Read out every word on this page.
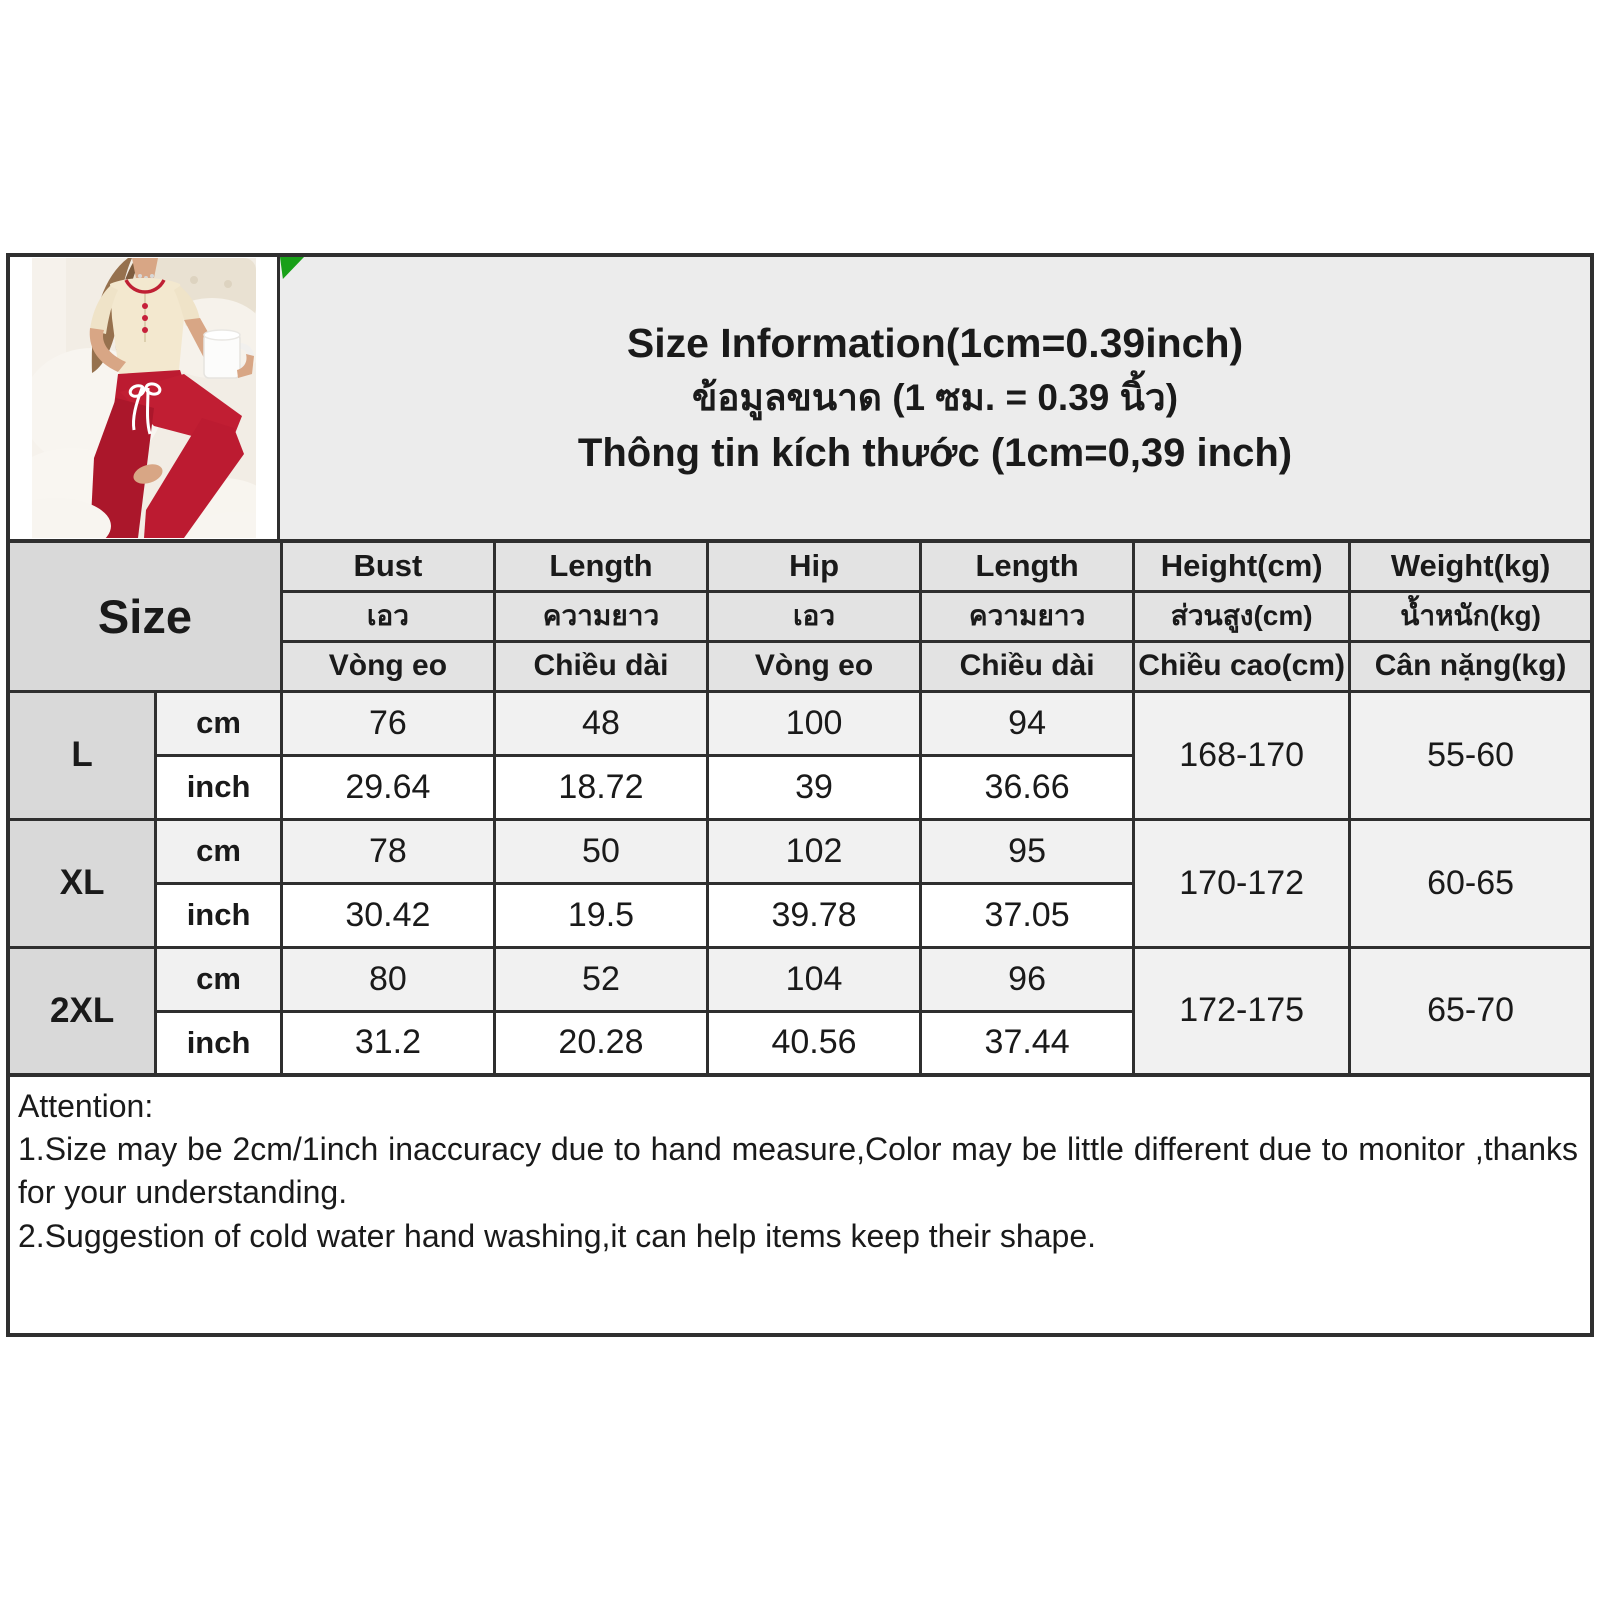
Size Information(1cm=0.39inch)
ข้อมูลขนาด (1 ซม. = 0.39 นิ้ว)
Thông tin kích thước (1cm=0,39 inch)
Size		Bust	Length	Hip	Length	Height(cm)	Weight(kg)
		เอว	ความยาว	เอว	ความยาว	ส่วนสูง(cm)	น้ำหนัก(kg)
		Vòng eo	Chiều dài	Vòng eo	Chiều dài	Chiều cao(cm)	Cân nặng(kg)
L	cm	76	48	100	94	168-170	55-60
	inch	29.64	18.72	39	36.66		
XL	cm	78	50	102	95	170-172	60-65
	inch	30.42	19.5	39.78	37.05		
2XL	cm	80	52	104	96	172-175	65-70
	inch	31.2	20.28	40.56	37.44		
Attention:
1.Size may be 2cm/1inch inaccuracy due to hand measure,Color may be little different due to monitor ,thanks for your understanding.
2.Suggestion of cold water hand washing,it can help items keep their shape.
